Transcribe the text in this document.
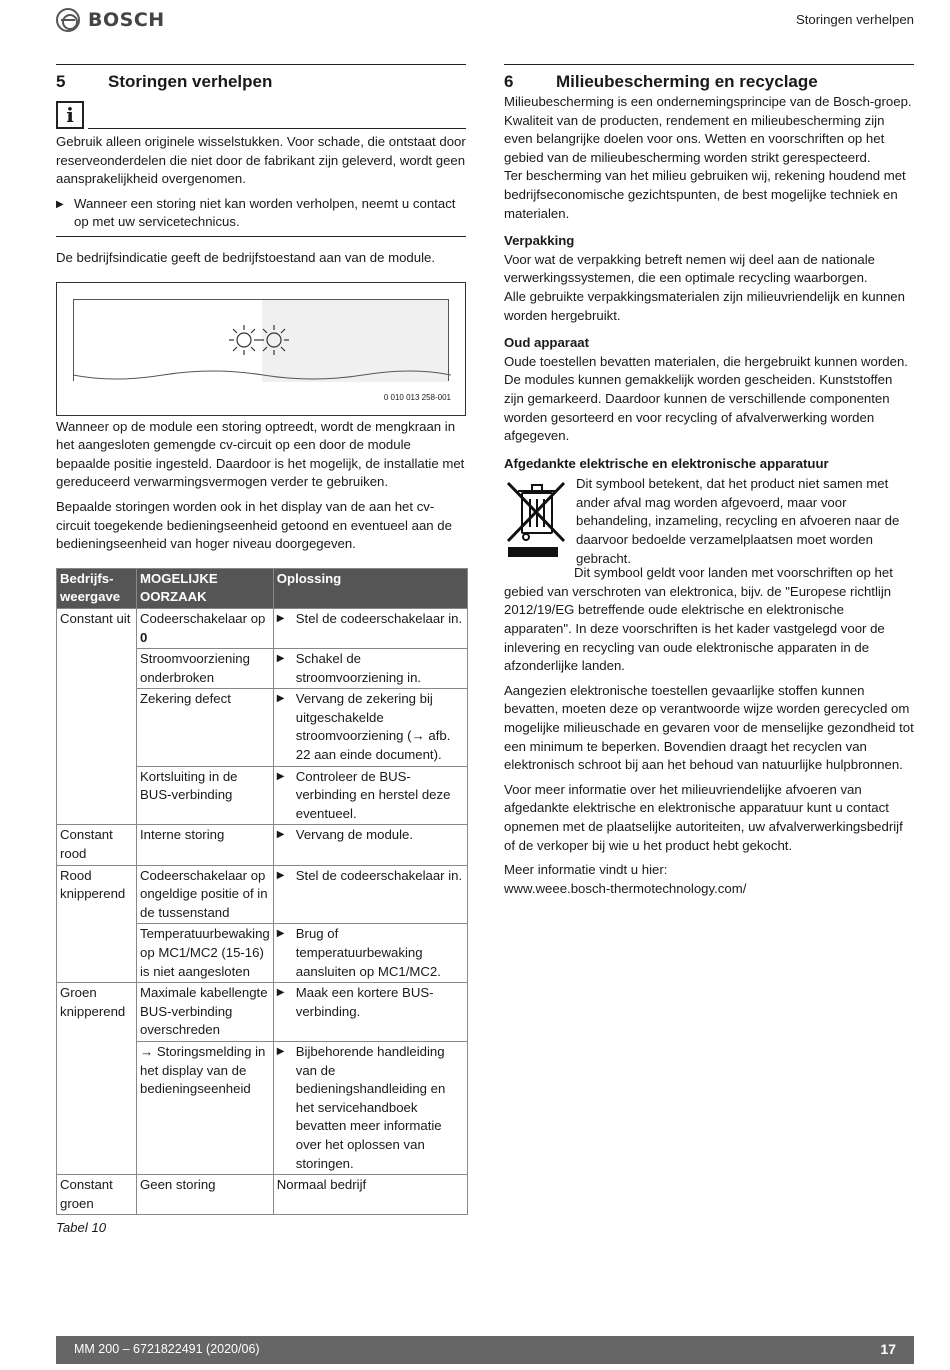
BOSCH	Storingen verhelpen
5	Storingen verhelpen
i

Gebruik alleen originele wisselstukken. Voor schade, die ontstaat door reserveonderdelen die niet door de fabrikant zijn geleverd, wordt geen aansprakelijkheid overgenomen.

▶ Wanneer een storing niet kan worden verholpen, neemt u contact op met uw servicetechnicus.

De bedrijfsindicatie geeft de bedrijfstoestand aan van de module.

0 010 013 258-001

Wanneer op de module een storing optreedt, wordt de mengkraan in het aangesloten gemengde cv-circuit op een door de module bepaalde positie ingesteld. Daardoor is het mogelijk, de installatie met gereduceerd verwarmingsvermogen verder te gebruiken.

Bepaalde storingen worden ook in het display van de aan het cv-circuit toegekende bedieningseenheid getoond en eventueel aan de bedieningseenheid van hoger niveau doorgegeven.

Bedrijfs-weergave	MOGELIJKE OORZAAK	Oplossing
Constant uit	Codeerschakelaar op 0	▶ Stel de codeerschakelaar in.

	Stroomvoorziening onderbroken	▶ Schakel de stroomvoorziening in.

	Zekering defect	▶ Vervang de zekering bij uitgeschakelde stroomvoorziening (→ afb. 22 aan einde document).

	Kortsluiting in de BUS-verbinding	▶ Controleer de BUS-verbinding en herstel deze eventueel.

Constant rood	Interne storing	▶ Vervang de module.

Rood knipperend	Codeerschakelaar op ongeldige positie of in de tussenstand	▶ Stel de codeerschakelaar in.

	Temperatuurbewaking op MC1/MC2 (15-16) is niet aangesloten	▶ Brug of temperatuurbewaking aansluiten op MC1/MC2.

Groen knipperend	Maximale kabellengte BUS-verbinding overschreden	▶ Maak een kortere BUS-verbinding.

	→ Storingsmelding in het display van de bedieningseenheid	▶ Bijbehorende handleiding van de bedieningshandleiding en het servicehandboek bevatten meer informatie over het oplossen van storingen.

Constant groen	Geen storing	Normaal bedrijf
Tabel 10
6	Milieubescherming en recyclage

Milieubescherming is een ondernemingsprincipe van de Bosch-groep. Kwaliteit van de producten, rendement en milieubescherming zijn even belangrijke doelen voor ons. Wetten en voorschriften op het gebied van de milieubescherming worden strikt gerespecteerd.

Ter bescherming van het milieu gebruiken wij, rekening houdend met bedrijfseconomische gezichtspunten, de best mogelijke techniek en materialen.

Verpakking

Voor wat de verpakking betreft nemen wij deel aan de nationale verwerkingssystemen, die een optimale recycling waarborgen.

Alle gebruikte verpakkingsmaterialen zijn milieuvriendelijk en kunnen worden hergebruikt.

Oud apparaat

Oude toestellen bevatten materialen, die hergebruikt kunnen worden. De modules kunnen gemakkelijk worden gescheiden. Kunststoffen zijn gemarkeerd. Daardoor kunnen de verschillende componenten worden gesorteerd en voor recycling of afvalverwerking worden afgegeven.

Afgedankte elektrische en elektronische apparatuur

Dit symbool betekent, dat het product niet samen met ander afval mag worden afgevoerd, maar voor behandeling, inzameling, recycling en afvoeren naar de daarvoor bedoelde verzamelplaatsen moet worden gebracht.

Dit symbool geldt voor landen met voorschriften op het gebied van verschroten van elektronica, bijv. de "Europese richtlijn 2012/19/EG betreffende oude elektrische en elektronische apparaten". In deze voorschriften is het kader vastgelegd voor de inlevering en recycling van oude elektronische apparaten in de afzonderlijke landen.

Aangezien elektronische toestellen gevaarlijke stoffen kunnen bevatten, moeten deze op verantwoorde wijze worden gerecycled om mogelijke milieuschade en gevaren voor de menselijke gezondheid tot een minimum te beperken. Bovendien draagt het recyclen van elektronisch schroot bij aan het behoud van natuurlijke hulpbronnen.

Voor meer informatie over het milieuvriendelijke afvoeren van afgedankte elektrische en elektronische apparatuur kunt u contact opnemen met de plaatselijke autoriteiten, uw afvalverwerkingsbedrijf of de verkoper bij wie u het product hebt gekocht.

Meer informatie vindt u hier:

www.weee.bosch-thermotechnology.com/

MM 200 – 6721822491 (2020/06)	17
